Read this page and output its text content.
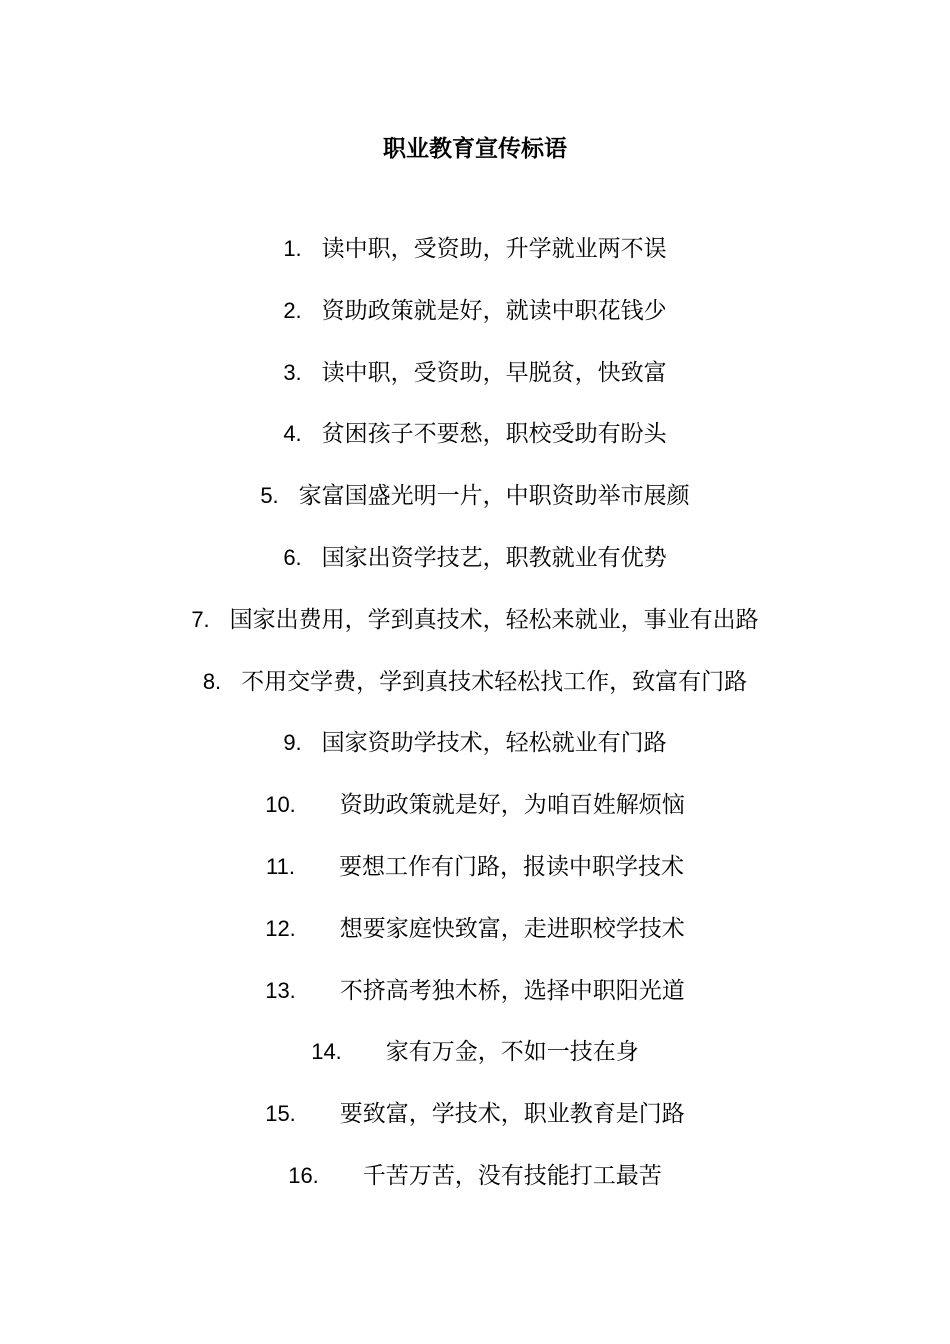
职业教育宣传标语
1. 读中职，受资助，升学就业两不误
2. 资助政策就是好，就读中职花钱少
3. 读中职，受资助，早脱贫，快致富
4. 贫困孩子不要愁，职校受助有盼头
5. 家富国盛光明一片，中职资助举市展颜
6. 国家出资学技艺，职教就业有优势
7. 国家出费用，学到真技术，轻松来就业，事业有出路
8. 不用交学费，学到真技术轻松找工作，致富有门路
9. 国家资助学技术，轻松就业有门路
10. 资助政策就是好，为咱百姓解烦恼
11. 要想工作有门路，报读中职学技术
12. 想要家庭快致富，走进职校学技术
13. 不挤高考独木桥，选择中职阳光道
14. 家有万金，不如一技在身
15. 要致富，学技术，职业教育是门路
16. 千苦万苦，没有技能打工最苦
